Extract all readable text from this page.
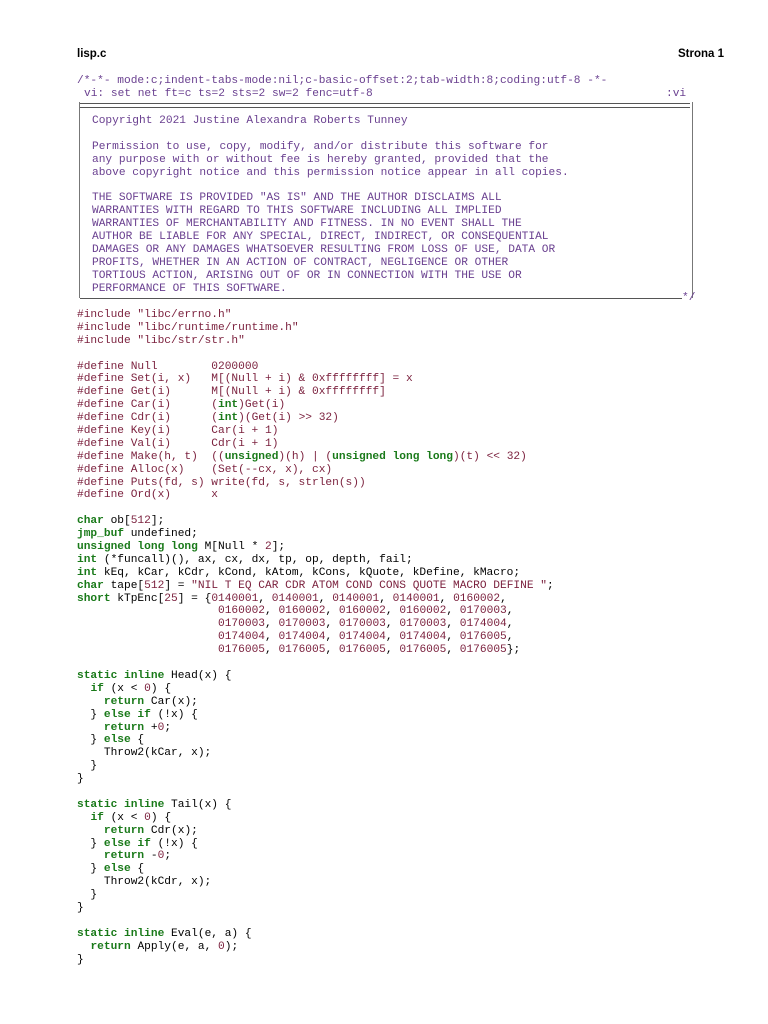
lisp.c	Strona 1
/*-*- mode:c;indent-tabs-mode:nil;c-basic-offset:2;tab-width:8;coding:utf-8 -*-
vi: set net ft=c ts=2 sts=2 sw=2 fenc=utf-8	:vi
*/
Copyright 2021 Justine Alexandra Roberts Tunney

Permission to use, copy, modify, and/or distribute this software for
any purpose with or without fee is hereby granted, provided that the
above copyright notice and this permission notice appear in all copies.

THE SOFTWARE IS PROVIDED "AS IS" AND THE AUTHOR DISCLAIMS ALL
WARRANTIES WITH REGARD TO THIS SOFTWARE INCLUDING ALL IMPLIED
WARRANTIES OF MERCHANTABILITY AND FITNESS. IN NO EVENT SHALL THE
AUTHOR BE LIABLE FOR ANY SPECIAL, DIRECT, INDIRECT, OR CONSEQUENTIAL
DAMAGES OR ANY DAMAGES WHATSOEVER RESULTING FROM LOSS OF USE, DATA OR
PROFITS, WHETHER IN AN ACTION OF CONTRACT, NEGLIGENCE OR OTHER
TORTIOUS ACTION, ARISING OUT OF OR IN CONNECTION WITH THE USE OR
PERFORMANCE OF THIS SOFTWARE.
#include "libc/errno.h"
#include "libc/runtime/runtime.h"
#include "libc/str/str.h"

#define Null        0200000
#define Set(i, x)   M[(Null + i) & 0xffffffff] = x
#define Get(i)      M[(Null + i) & 0xffffffff]
#define Car(i)      (int)Get(i)
#define Cdr(i)      (int)(Get(i) >> 32)
#define Key(i)      Car(i + 1)
#define Val(i)      Cdr(i + 1)
#define Make(h, t)  ((unsigned)(h) | (unsigned long long)(t) << 32)
#define Alloc(x)    (Set(--cx, x), cx)
#define Puts(fd, s) write(fd, s, strlen(s))
#define Ord(x)      x

char ob[512];
jmp_buf undefined;
unsigned long long M[Null * 2];
int (*funcall)(), ax, cx, dx, tp, op, depth, fail;
int kEq, kCar, kCdr, kCond, kAtom, kCons, kQuote, kDefine, kMacro;
char tape[512] = "NIL T EQ CAR CDR ATOM COND CONS QUOTE MACRO DEFINE ";
short kTpEnc[25] = {0140001, 0140001, 0140001, 0140001, 0160002,
0160002, 0160002, 0160002, 0160002, 0170003,
0170003, 0170003, 0170003, 0170003, 0174004,
0174004, 0174004, 0174004, 0174004, 0176005,
0176005, 0176005, 0176005, 0176005, 0176005};

static inline Head(x) {
if (x < 0) {
return Car(x);
} else if (!x) {
return +0;
} else {
Throw2(kCar, x);
}
}

static inline Tail(x) {
if (x < 0) {
return Cdr(x);
} else if (!x) {
return -0;
} else {
Throw2(kCdr, x);
}
}

static inline Eval(e, a) {
return Apply(e, a, 0);
}
